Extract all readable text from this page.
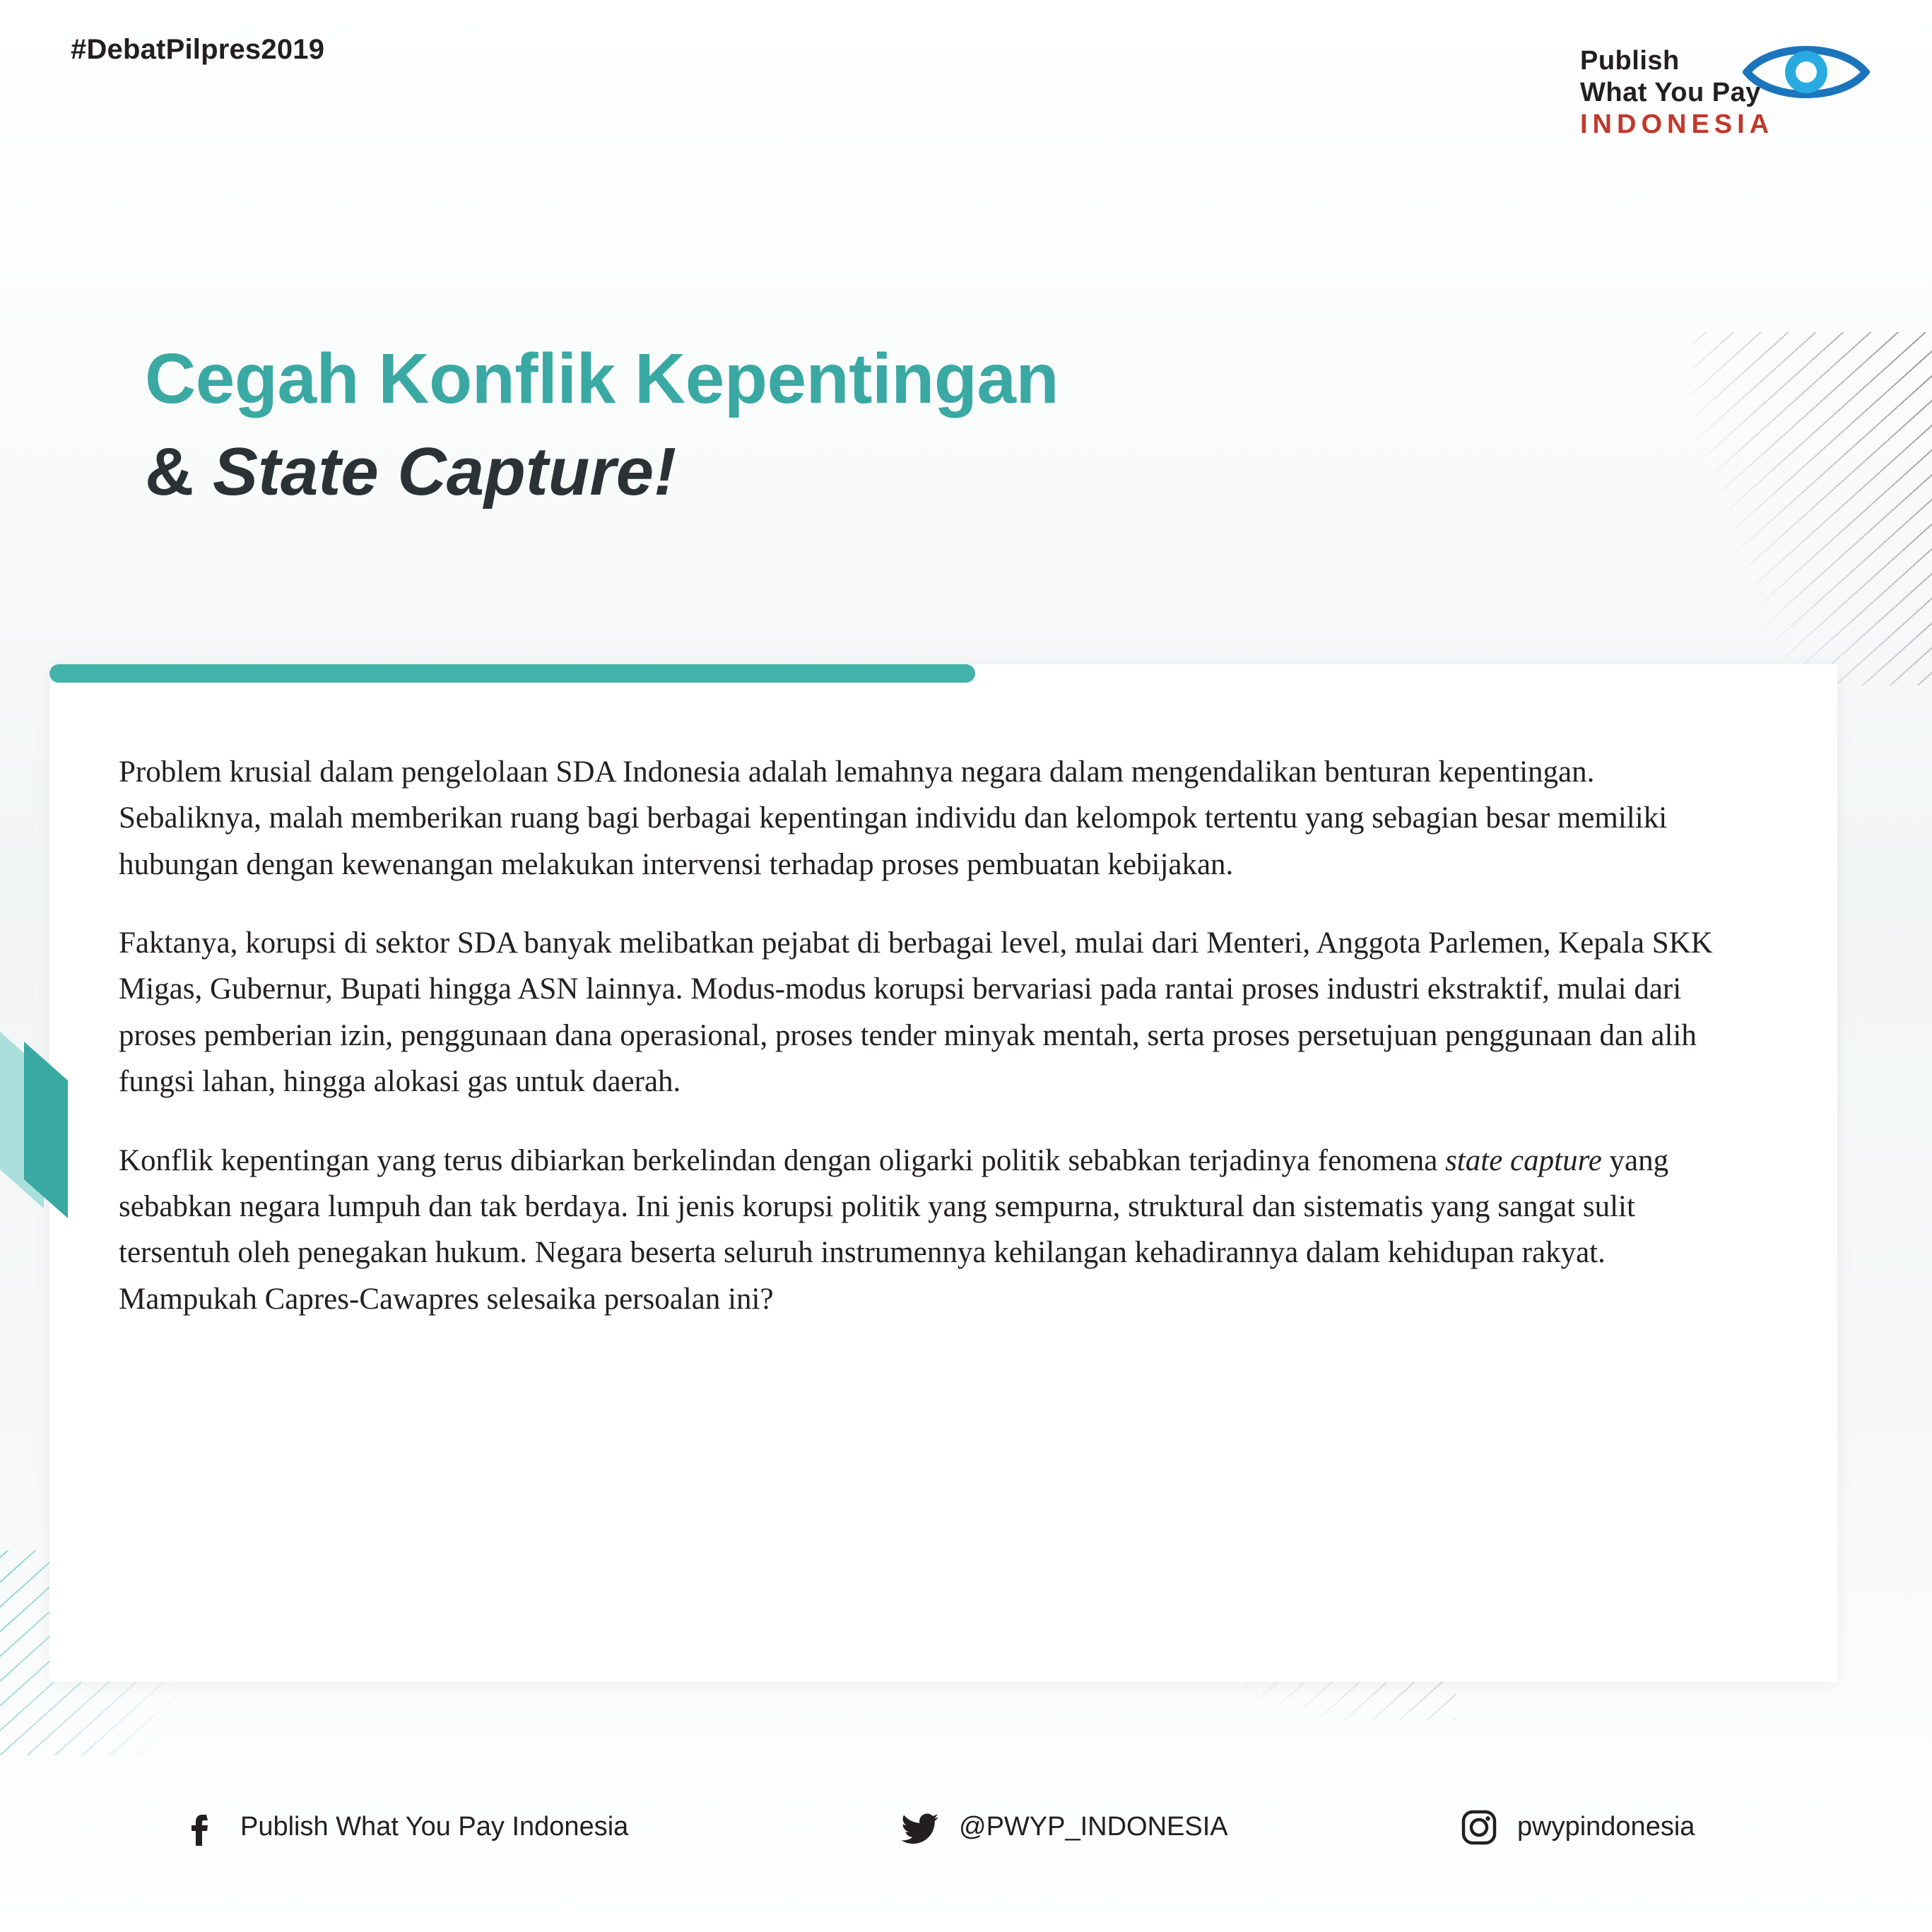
#DebatPilpres2019	Publish
What You Pay
INDONESIA
Cegah Konflik Kepentingan
& State Capture!

Problem krusial dalam pengelolaan SDA Indonesia adalah lemahnya negara dalam mengendalikan benturan kepentingan. Sebaliknya, malah memberikan ruang bagi berbagai kepentingan individu dan kelompok tertentu yang sebagian besar memiliki hubungan dengan kewenangan melakukan intervensi terhadap proses pembuatan kebijakan.

Faktanya, korupsi di sektor SDA banyak melibatkan pejabat di berbagai level, mulai dari Menteri, Anggota Parlemen, Kepala SKK Migas, Gubernur, Bupati hingga ASN lainnya. Modus-modus korupsi bervariasi pada rantai proses industri ekstraktif, mulai dari proses pemberian izin, penggunaan dana operasional, proses tender minyak mentah, serta proses persetujuan penggunaan dan alih fungsi lahan, hingga alokasi gas untuk daerah.

Konflik kepentingan yang terus dibiarkan berkelindan dengan oligarki politik sebabkan terjadinya fenomena state capture yang sebabkan negara lumpuh dan tak berdaya. Ini jenis korupsi politik yang sempurna, struktural dan sistematis yang sangat sulit tersentuh oleh penegakan hukum. Negara beserta seluruh instrumennya kehilangan kehadirannya dalam kehidupan rakyat. Mampukah Capres-Cawapres selesaika persoalan ini?

Publish What You Pay Indonesia	@PWYP_INDONESIA	pwypindonesia
